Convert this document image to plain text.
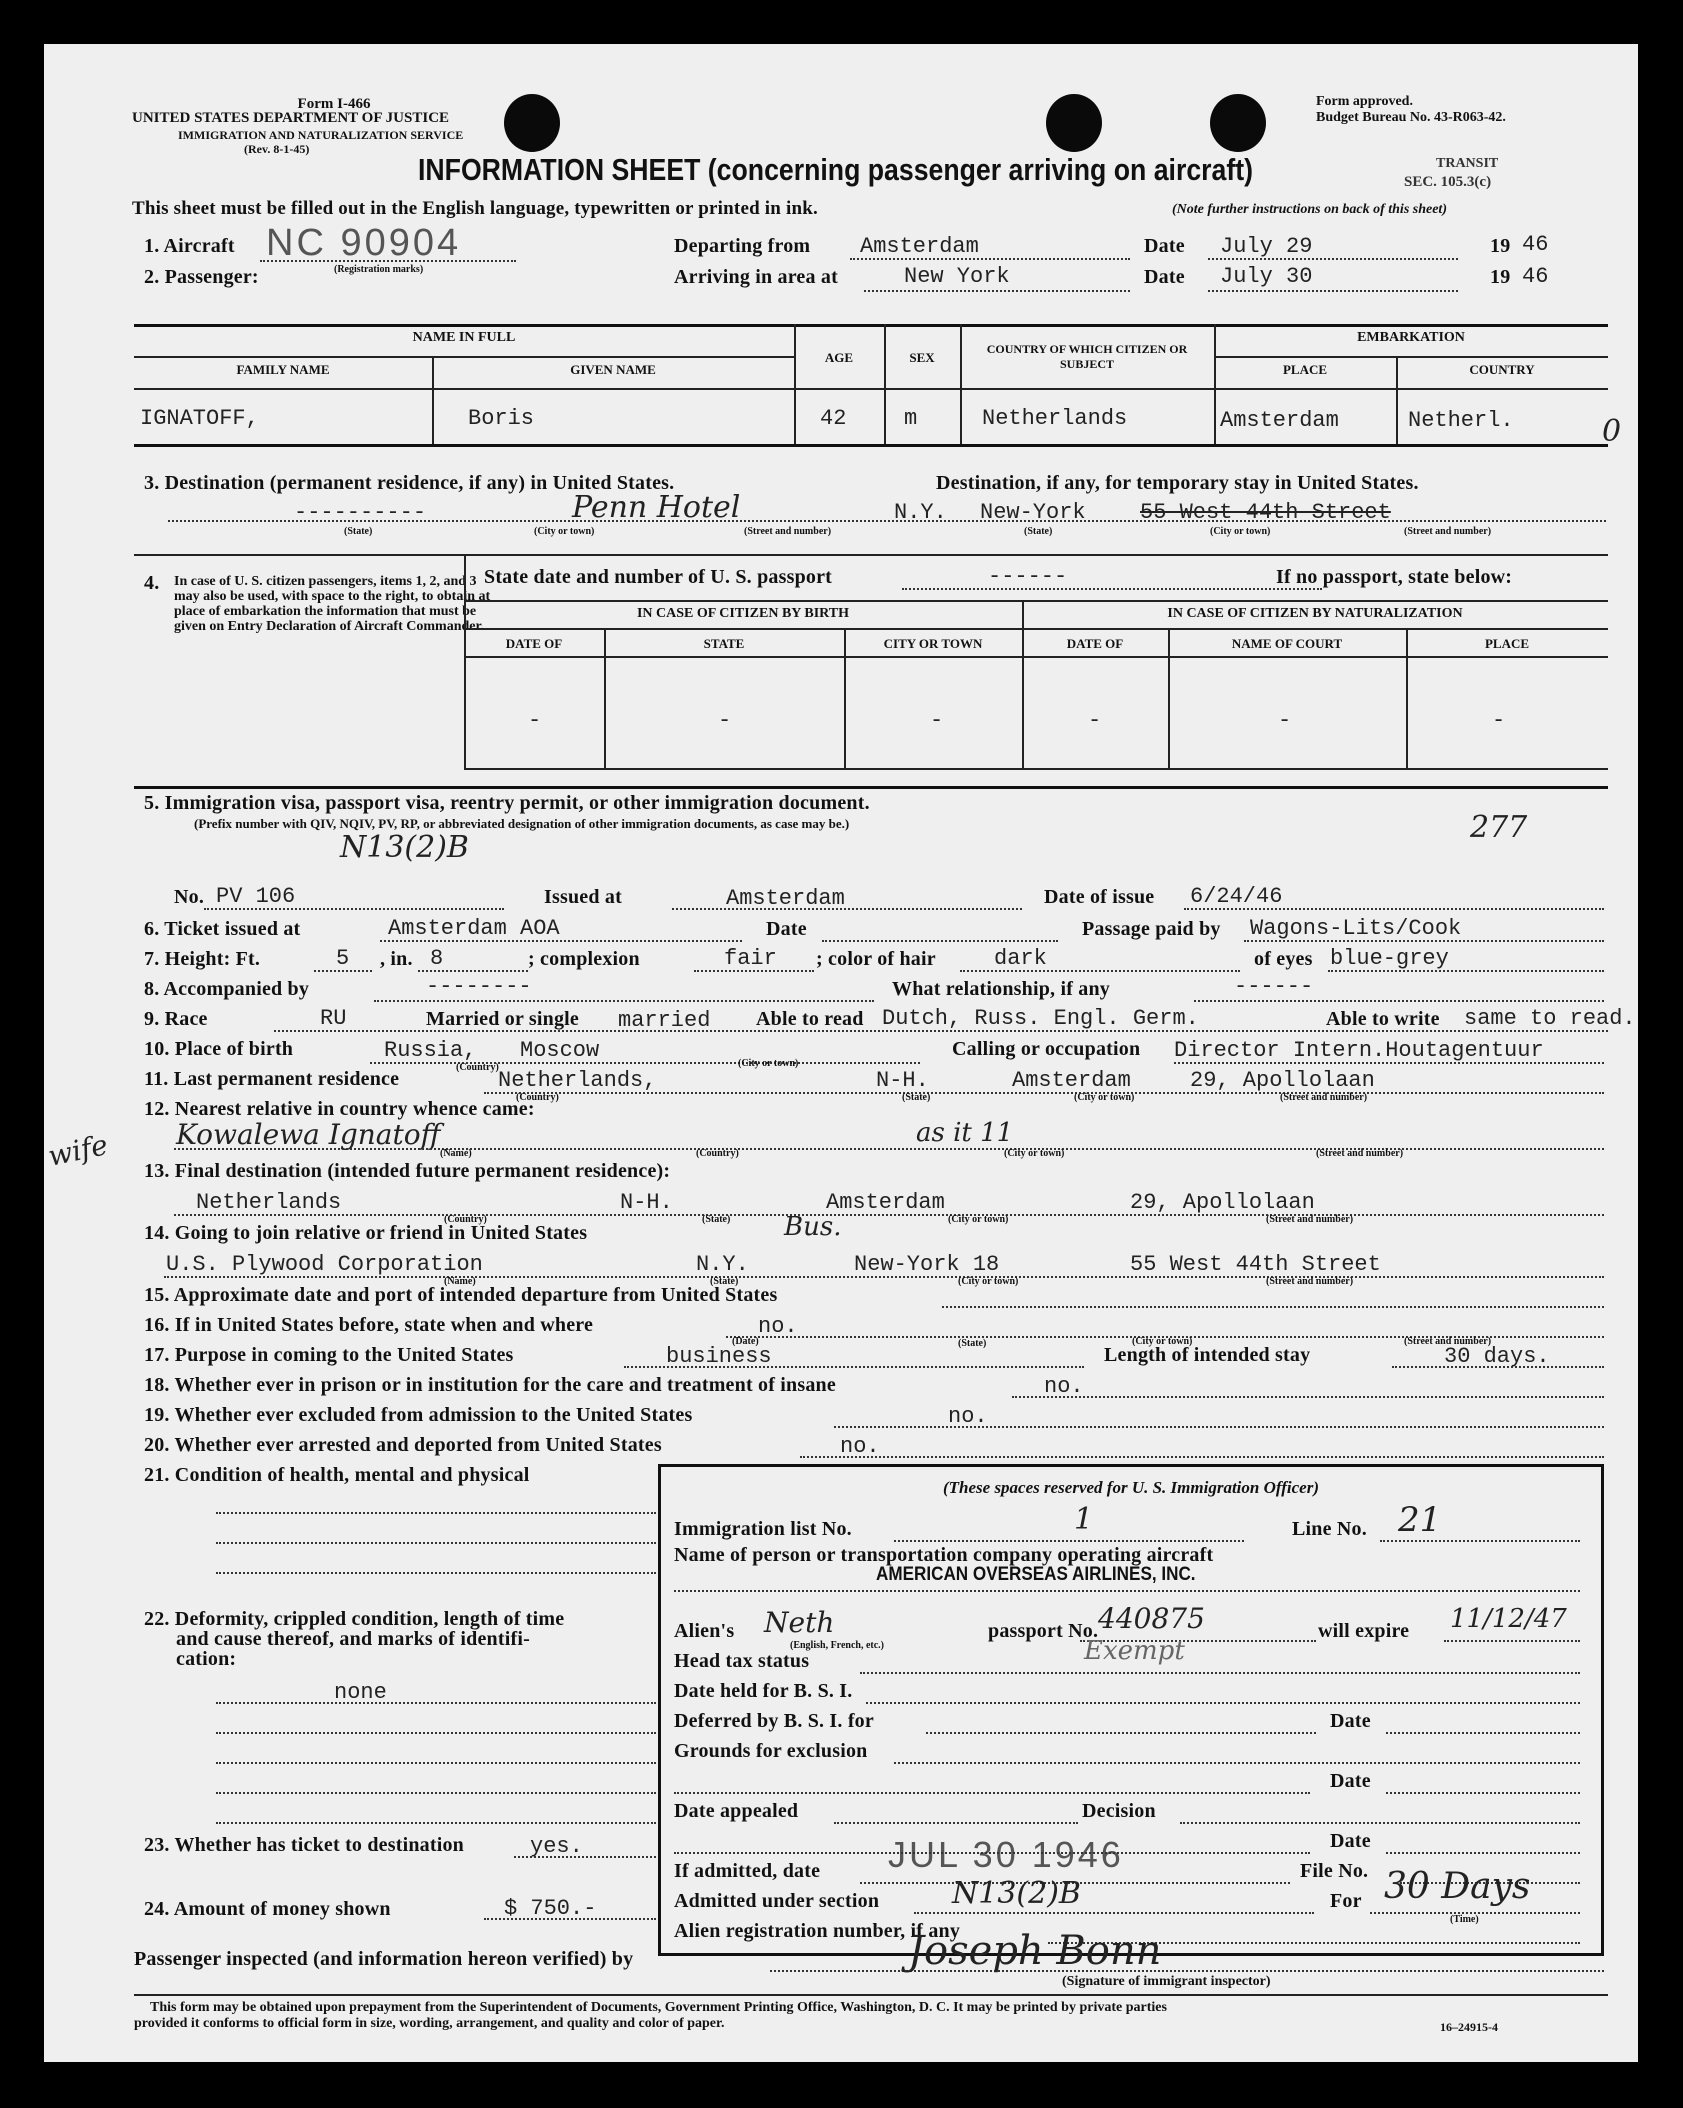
Form I-466
UNITED STATES DEPARTMENT OF JUSTICE
IMMIGRATION AND NATURALIZATION SERVICE
(Rev. 8-1-45)
Form approved.
Budget Bureau No. 43-R063-42.
INFORMATION SHEET (concerning passenger arriving on aircraft)	TRANSIT
SEC. 105.3(c)
This sheet must be filled out in the English language, typewritten or printed in ink.	(Note further instructions on back of this sheet)
1. Aircraft NC 90904
(Registration marks)
Departing from Amsterdam	Date July 29	19 46
2. Passenger:	Arriving in area at	New York	Date July 30	19 46
NAME IN FULL
FAMILY NAME	GIVEN NAME
AGE	SEX
COUNTRY OF WHICH CITIZEN OR SUBJECT
EMBARKATION
PLACE	COUNTRY
IGNATOFF,	Boris	42	m	Netherlands	Amsterdam	Netherl.	0
3. Destination (permanent residence, if any) in United States.	Destination, if any, for temporary stay in United States.
----------	Penn Hotel	N.Y. New-York 55 West 44th Street
(State)	(City or town)	(Street and number)	(State)	(City or town)	(Street and number)
4. In case of U. S. citizen passengers, items 1, 2, and 3 may also be used, with space to the right, to obtain at place of embarkation the information that must be given on Entry Declaration of Aircraft Commander.
State date and number of U. S. passport	------	If no passport, state below:
IN CASE OF CITIZEN BY BIRTH	IN CASE OF CITIZEN BY NATURALIZATION
DATE OF	STATE	CITY OR TOWN	DATE OF	NAME OF COURT	PLACE
-	-	-	-	-	-
5. Immigration visa, passport visa, reentry permit, or other immigration document.
(Prefix number with QIV, NQIV, PV, RP, or abbreviated designation of other immigration documents, as case may be.)
N13(2)B
277
No. PV 106	Issued at	Amsterdam	Date of issue 6/24/46
6. Ticket issued at	Amsterdam AOA	Date	Passage paid by Wagons-Lits/Cook
7. Height: Ft.	5 , in. 8	; complexion	fair ; color of hair	dark	of eyes blue-grey
8. Accompanied by	--------	What relationship, if any	------
9. Race	RU	Married or single married Able to read Dutch, Russ. Engl. Germ.	Able to write same to read.
10. Place of birth	Russia, Moscow	Calling or occupation Director Intern.Houtagentuur
(Country)	(City or town)
11. Last permanent residence	Netherlands,	N-H.	Amsterdam	29, Apollolaan
(Country)	(State)	(City or town)	(Street and number)
12. Nearest relative in country whence came:
wife Kowalewa Ignatoff	as it 11
(Name)	(Country)	(City or town)	(Street and number)
13. Final destination (intended future permanent residence):
Netherlands	N-H.	Amsterdam	29, Apollolaan
(Country)	(State)	(City or town)	(Street and number)
14. Going to join relative or friend in United States	Bus.
U.S. Plywood Corporation	N.Y.	New-York 18	55 West 44th Street
(Name)	(State)	(City or town)	(Street and number)
15. Approximate date and port of intended departure from United States
16. If in United States before, state when and where	no.
(Date)	(State)	(City or town)	(Street and number)
17. Purpose in coming to the United States	business	Length of intended stay	30 days.
18. Whether ever in prison or in institution for the care and treatment of insane	no.
19. Whether ever excluded from admission to the United States	no.
20. Whether ever arrested and deported from United States	no.
21. Condition of health, mental and physical
22. Deformity, crippled condition, length of time
and cause thereof, and marks of identifi-
cation:
none
23. Whether has ticket to destination	yes.
24. Amount of money shown	$ 750.-
(These spaces reserved for U. S. Immigration Officer)
Immigration list No.	1	Line No. 21
Name of person or transportation company operating aircraft
AMERICAN OVERSEAS AIRLINES, INC.
Alien's Neth
(English, French, etc.)
passport No. 440875	will expire 11/12/47
Head tax status	Exempt
Date held for B. S. I.
Deferred by B. S. I. for	Date
Grounds for exclusion
Date
Date appealed	Decision
JUL 30 1946	Date
If admitted, date	File No.
Admitted under section N13(2)B	For 30 Days
(Time)
Alien registration number, if any
Passenger inspected (and information hereon verified) by	Joseph Bonn
(Signature of immigrant inspector)
This form may be obtained upon prepayment from the Superintendent of Documents, Government Printing Office, Washington, D. C. It may be printed by private parties
provided it conforms to official form in size, wording, arrangement, and quality and color of paper.	16–24915-4
